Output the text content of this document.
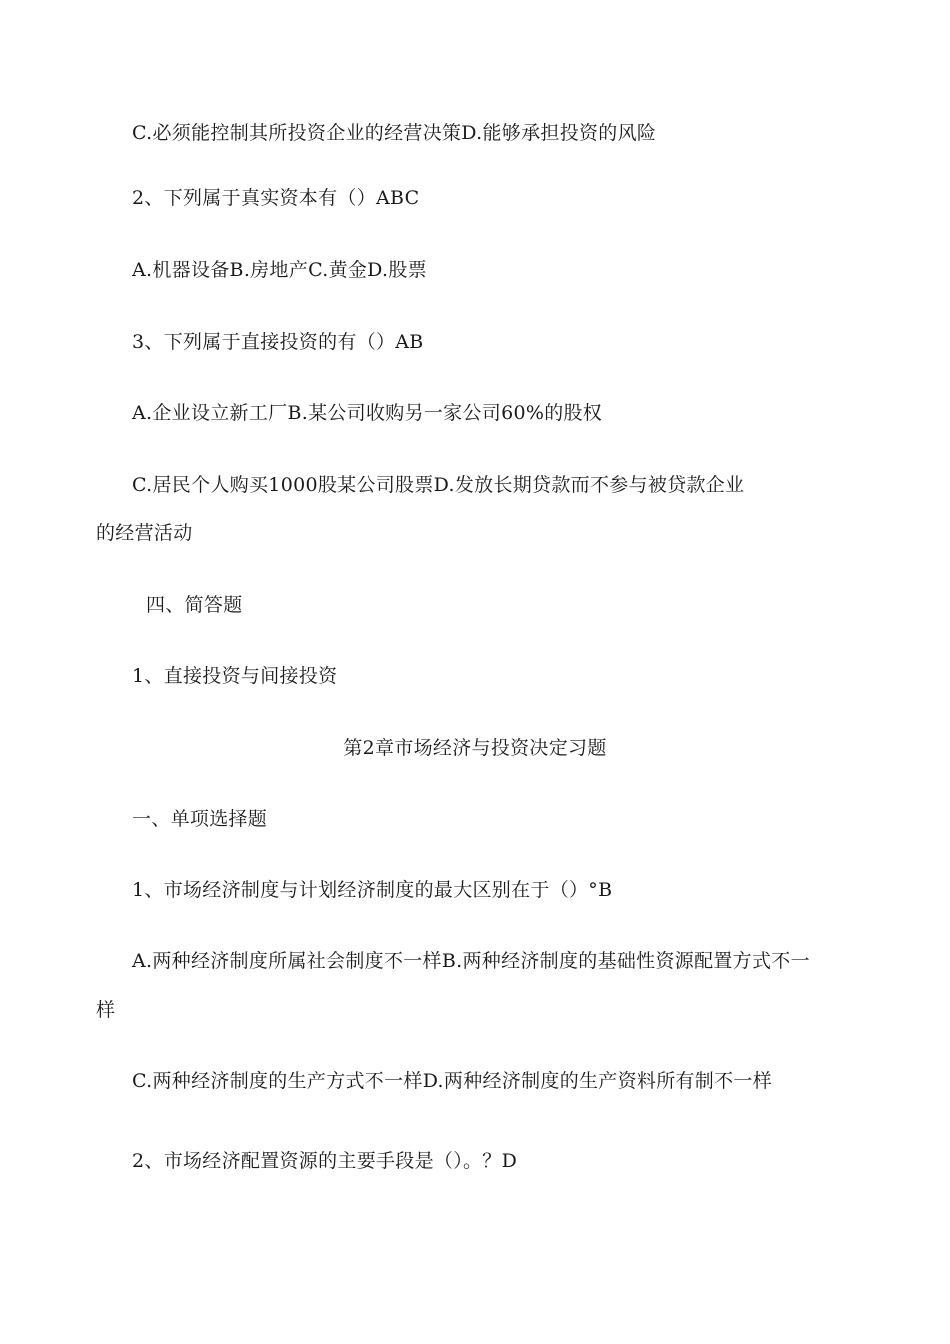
C.必须能控制其所投资企业的经营决策D.能够承担投资的风险
2、下列属于真实资本有（）ABC
A.机器设备B.房地产C.黄金D.股票
3、下列属于直接投资的有（）AB
A.企业设立新工厂B.某公司收购另一家公司60%的股权
C.居民个人购买1000股某公司股票D.发放长期贷款而不参与被贷款企业
的经营活动
四、简答题
1、直接投资与间接投资
第2章市场经济与投资决定习题
一、单项选择题
1、市场经济制度与计划经济制度的最大区别在于（）°B
A.两种经济制度所属社会制度不一样B.两种经济制度的基础性资源配置方式不一
样
C.两种经济制度的生产方式不一样D.两种经济制度的生产资料所有制不一样
2、市场经济配置资源的主要手段是（）。？D
